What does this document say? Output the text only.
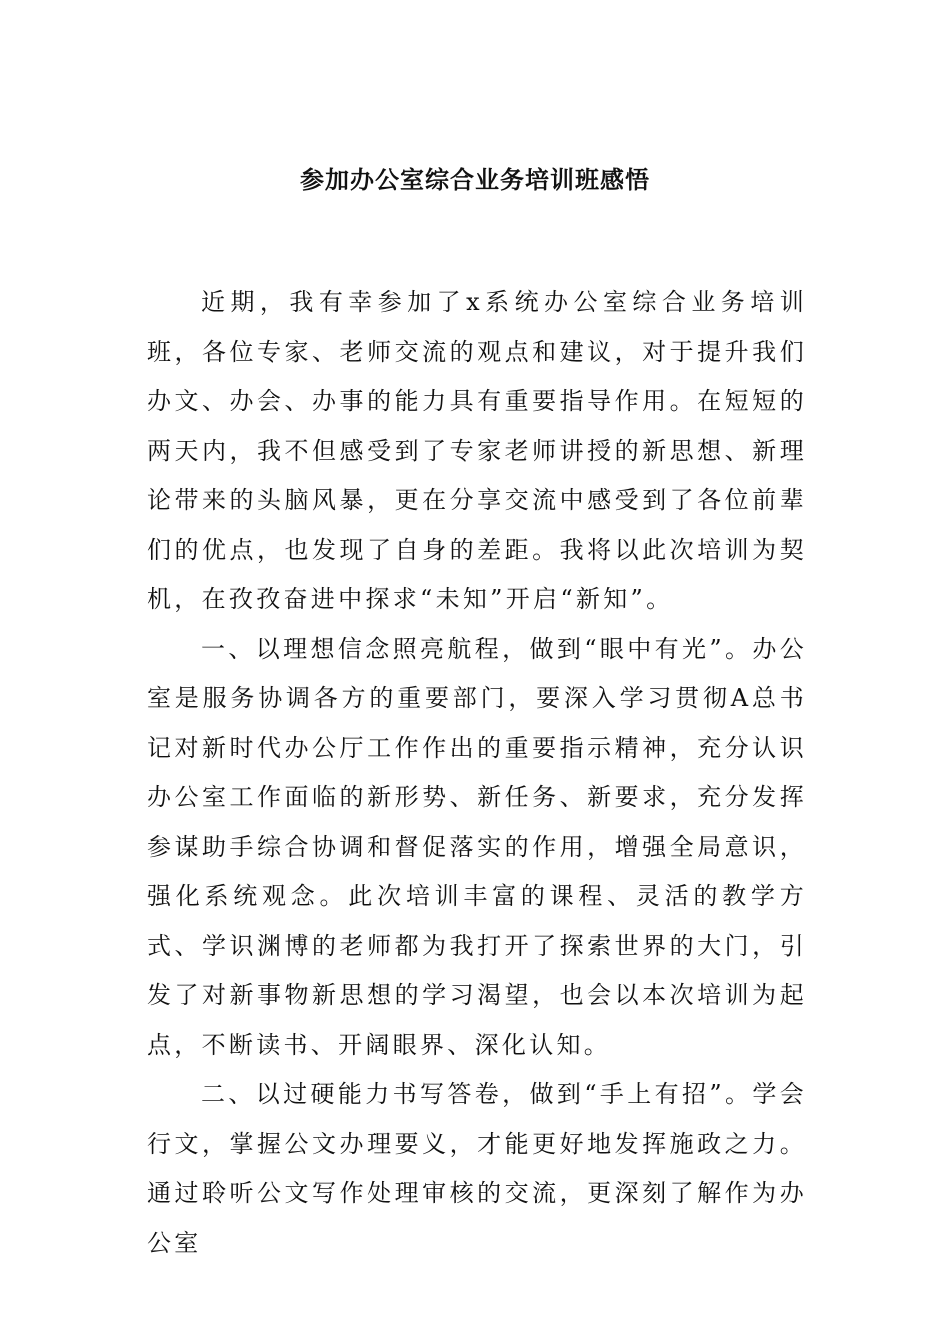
参加办公室综合业务培训班感悟

近期，我有幸参加了x系统办公室综合业务培训班，各位专家、老师交流的观点和建议，对于提升我们办文、办会、办事的能力具有重要指导作用。在短短的两天内，我不但感受到了专家老师讲授的新思想、新理论带来的头脑风暴，更在分享交流中感受到了各位前辈们的优点，也发现了自身的差距。我将以此次培训为契机，在孜孜奋进中探求“未知”开启“新知”。

一、以理想信念照亮航程，做到“眼中有光”。办公室是服务协调各方的重要部门，要深入学习贯彻A总书记对新时代办公厅工作作出的重要指示精神，充分认识办公室工作面临的新形势、新任务、新要求，充分发挥参谋助手综合协调和督促落实的作用，增强全局意识，强化系统观念。此次培训丰富的课程、灵活的教学方式、学识渊博的老师都为我打开了探索世界的大门，引发了对新事物新思想的学习渴望，也会以本次培训为起点，不断读书、开阔眼界、深化认知。

二、以过硬能力书写答卷，做到“手上有招”。学会行文，掌握公文办理要义，才能更好地发挥施政之力。通过聆听公文写作处理审核的交流，更深刻了解作为办公室
